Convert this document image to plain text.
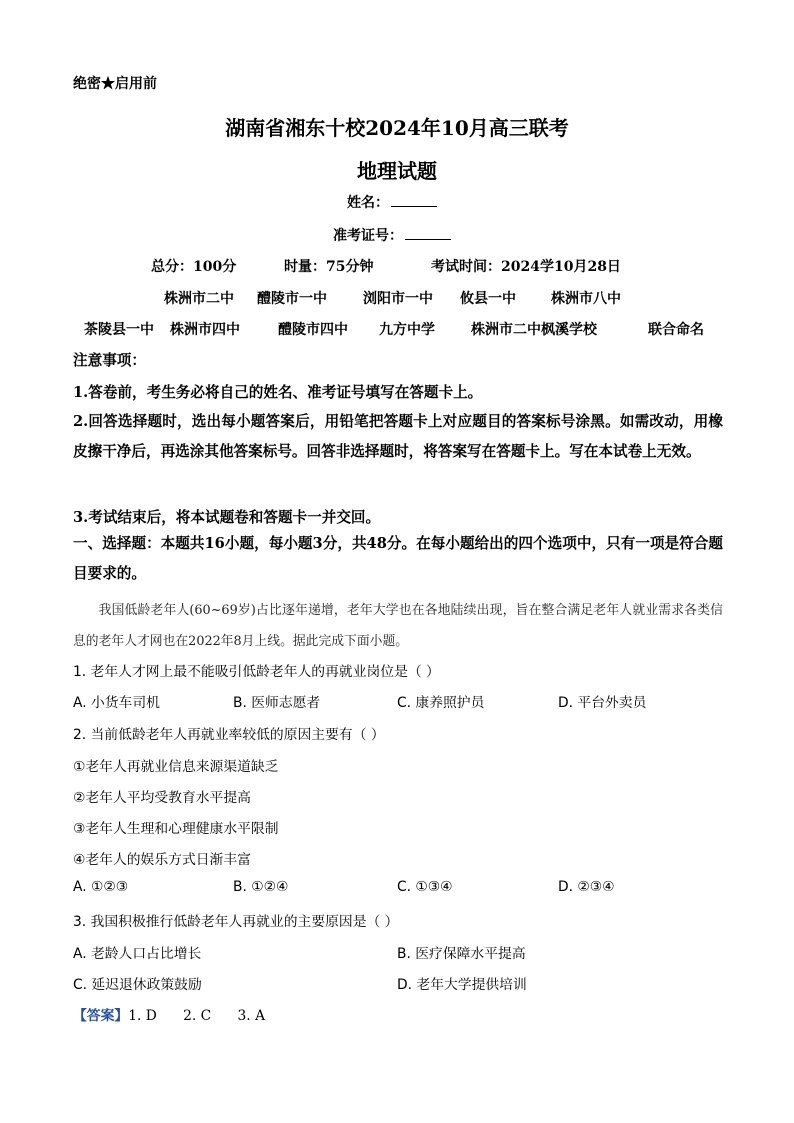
绝密★启用前
湖南省湘东十校2024年10月高三联考
地理试题
姓名：
准考证号：
总分：100分	时量：75分钟	考试时间：2024学10月28日
株洲市二中 醴陵市一中	浏阳市一中 攸县一中	株洲市八中
茶陵县一中 株洲市四中	醴陵市四中 九方中学	株洲市二中枫溪学校	联合命名
注意事项：
1.答卷前，考生务必将自己的姓名、准考证号填写在答题卡上。
2.回答选择题时，选出每小题答案后，用铅笔把答题卡上对应题目的答案标号涂黑。如需改动，用橡皮擦干净后，再选涂其他答案标号。回答非选择题时，将答案写在答题卡上。写在本试卷上无效。
3.考试结束后，将本试题卷和答题卡一并交回。
一、选择题：本题共16小题，每小题3分，共48分。在每小题给出的四个选项中，只有一项是符合题目要求的。
我国低龄老年人(60~69岁)占比逐年递增，老年大学也在各地陆续出现，旨在整合满足老年人就业需求各类信息的老年人才网也在2022年8月上线。据此完成下面小题。
1. 老年人才网上最不能吸引低龄老年人的再就业岗位是（ ）
A. 小货车司机	B. 医师志愿者	C. 康养照护员	D. 平台外卖员
2. 当前低龄老年人再就业率较低的原因主要有（ ）
①老年人再就业信息来源渠道缺乏
②老年人平均受教育水平提高
③老年人生理和心理健康水平限制
④老年人的娱乐方式日渐丰富
A. ①②③	B. ①②④	C. ①③④	D. ②③④
3. 我国积极推行低龄老年人再就业的主要原因是（ ）
A. 老龄人口占比增长	B. 医疗保障水平提高
C. 延迟退休政策鼓励	D. 老年大学提供培训
【答案】1. D      2. C      3. A
